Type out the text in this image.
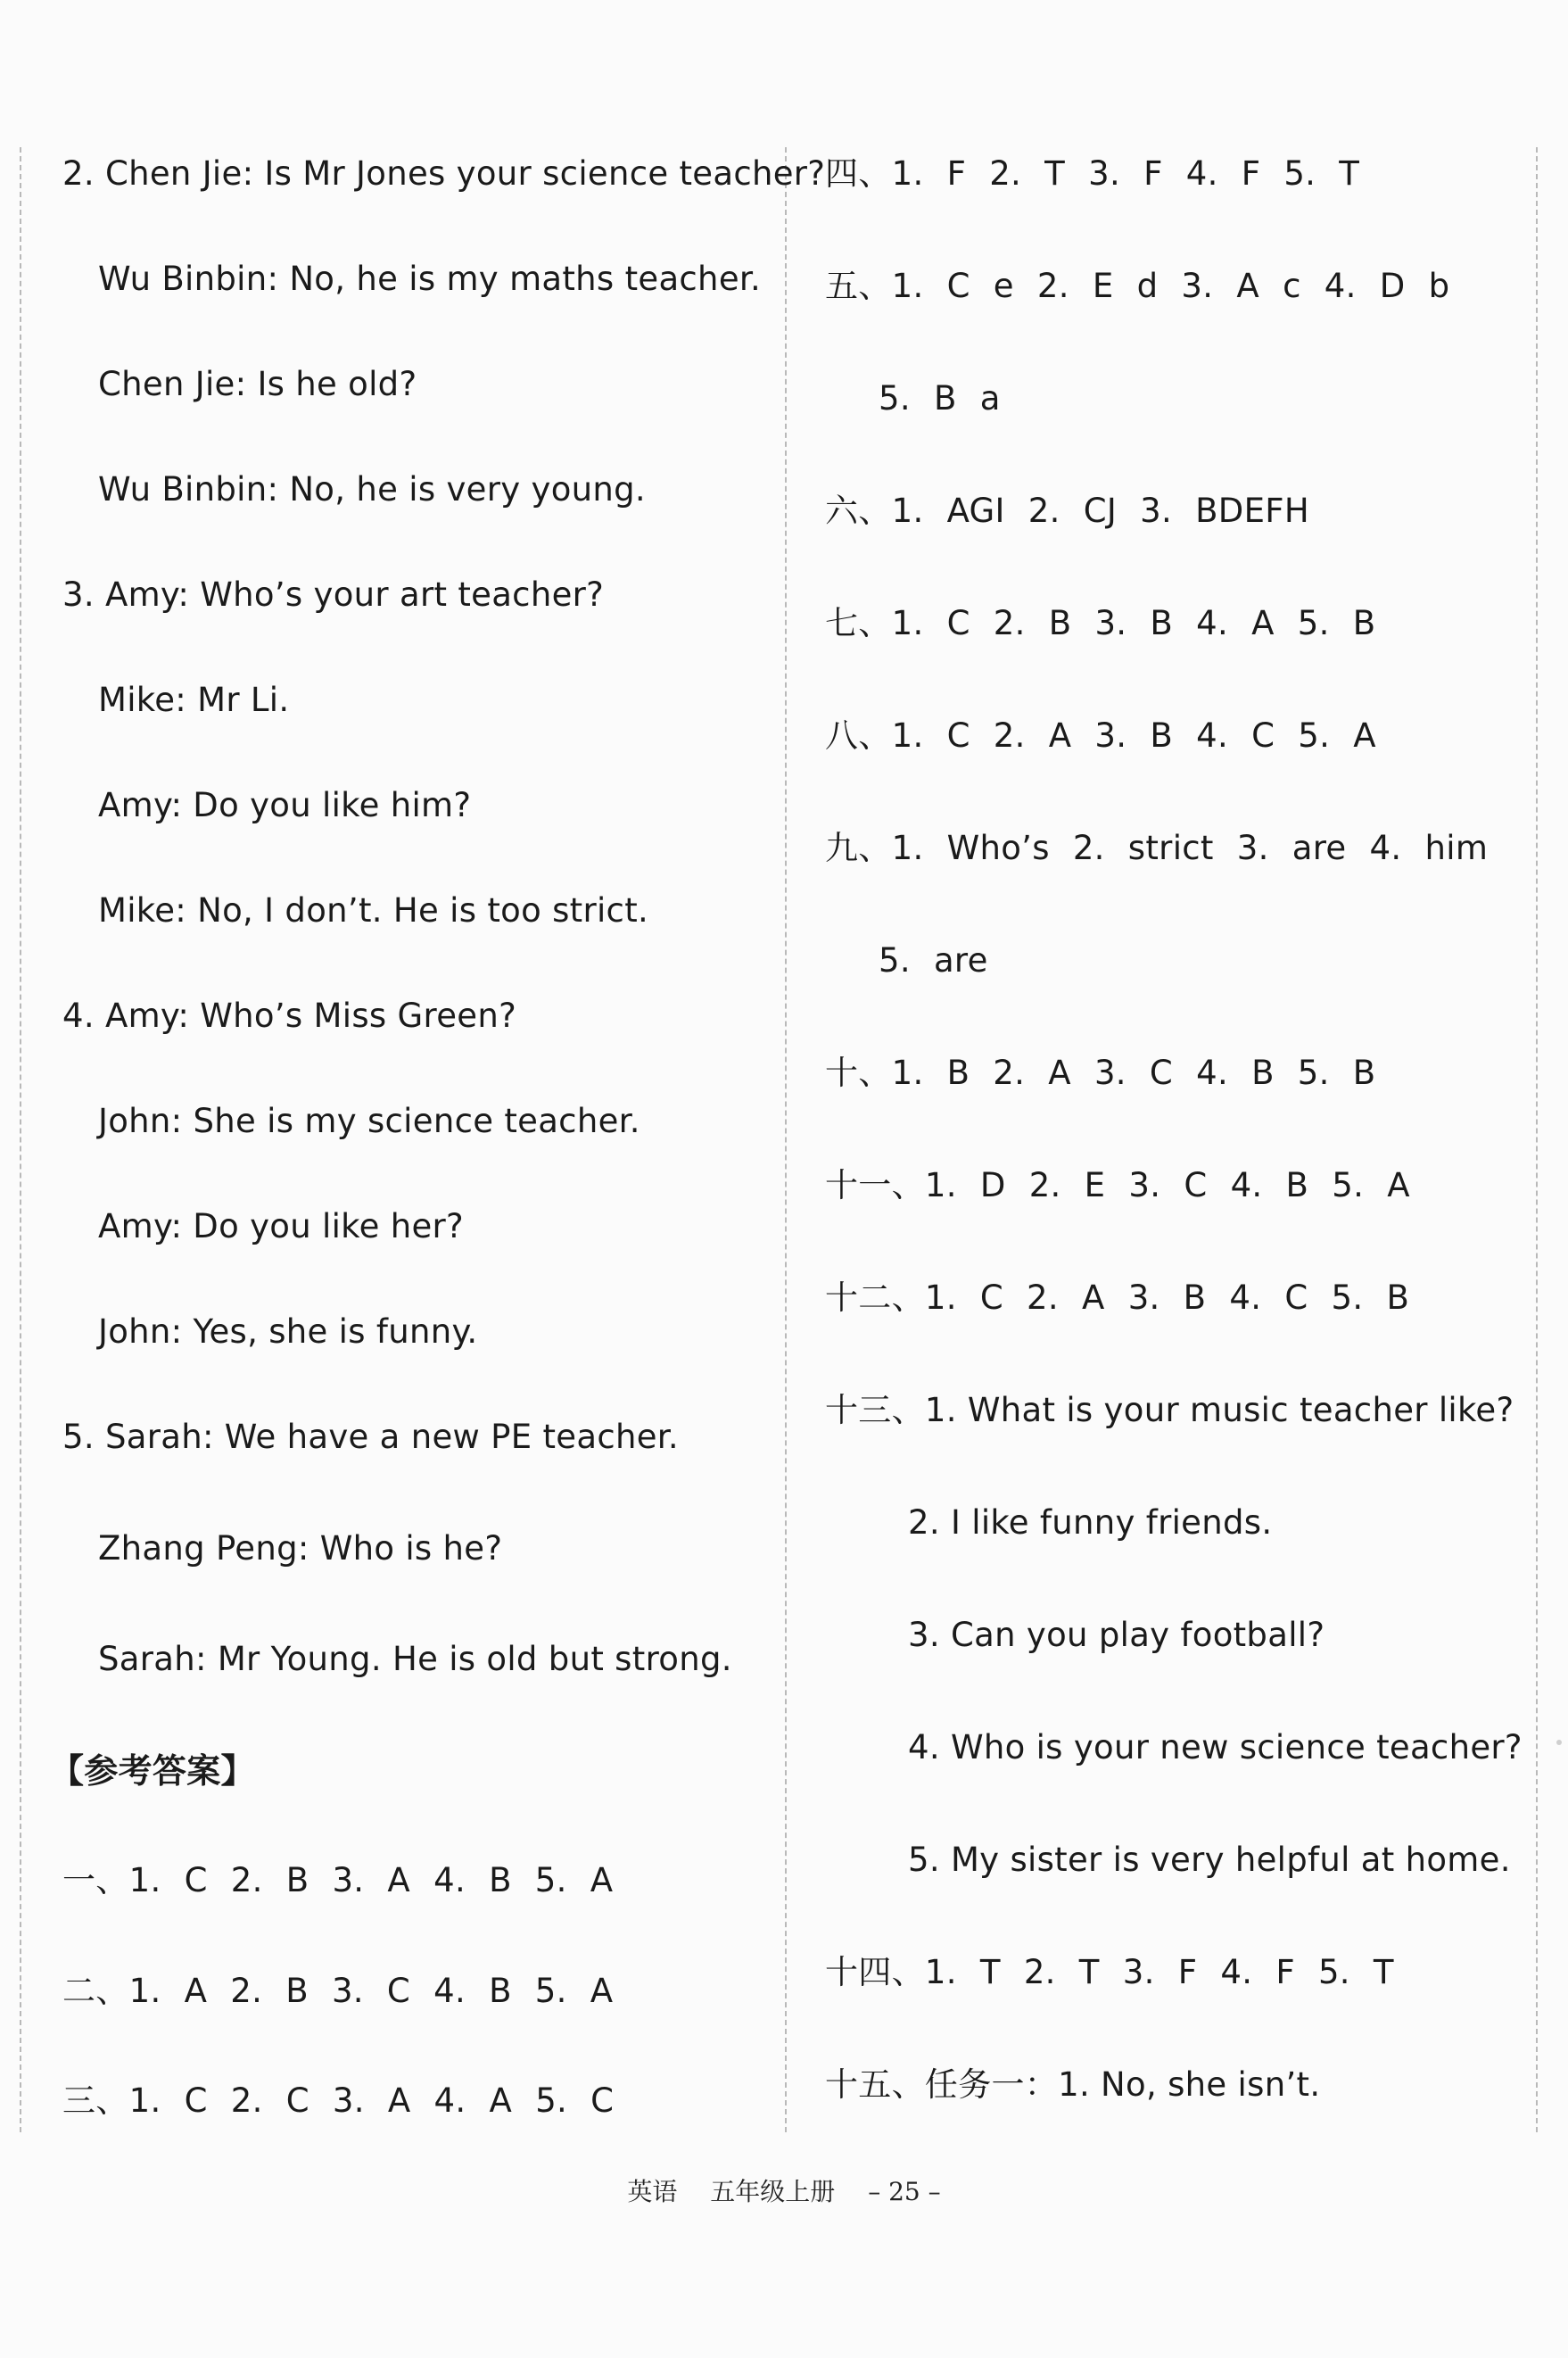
2. Chen Jie: Is Mr Jones your science teacher?
Wu Binbin: No, he is my maths teacher.
Chen Jie: Is he old?
Wu Binbin: No, he is very young.
3. Amy: Who’s your art teacher?
Mike: Mr Li.
Amy: Do you like him?
Mike: No, I don’t. He is too strict.
4. Amy: Who’s Miss Green?
John: She is my science teacher.
Amy: Do you like her?
John: Yes, she is funny.
5. Sarah: We have a new PE teacher.
Zhang Peng: Who is he?
Sarah: Mr Young. He is old but strong.
【参考答案】
一、1. C 2. B 3. A 4. B 5. A
二、1. A 2. B 3. C 4. B 5. A
三、1. C 2. C 3. A 4. A 5. C
四、1. F 2. T 3. F 4. F 5. T
五、1. C e 2. E d 3. A c 4. D b
5. B a
六、1. AGI 2. CJ 3. BDEFH
七、1. C 2. B 3. B 4. A 5. B
八、1. C 2. A 3. B 4. C 5. A
九、1. Who’s 2. strict 3. are 4. him
5. are
十、1. B 2. A 3. C 4. B 5. B
十一、1. D 2. E 3. C 4. B 5. A
十二、1. C 2. A 3. B 4. C 5. B
十三、1. What is your music teacher like?
2. I like funny friends.
3. Can you play football?
4. Who is your new science teacher?
5. My sister is very helpful at home.
十四、1. T 2. T 3. F 4. F 5. T
十五、任务一：1. No, she isn’t.
英语 五年级上册 – 25 –
